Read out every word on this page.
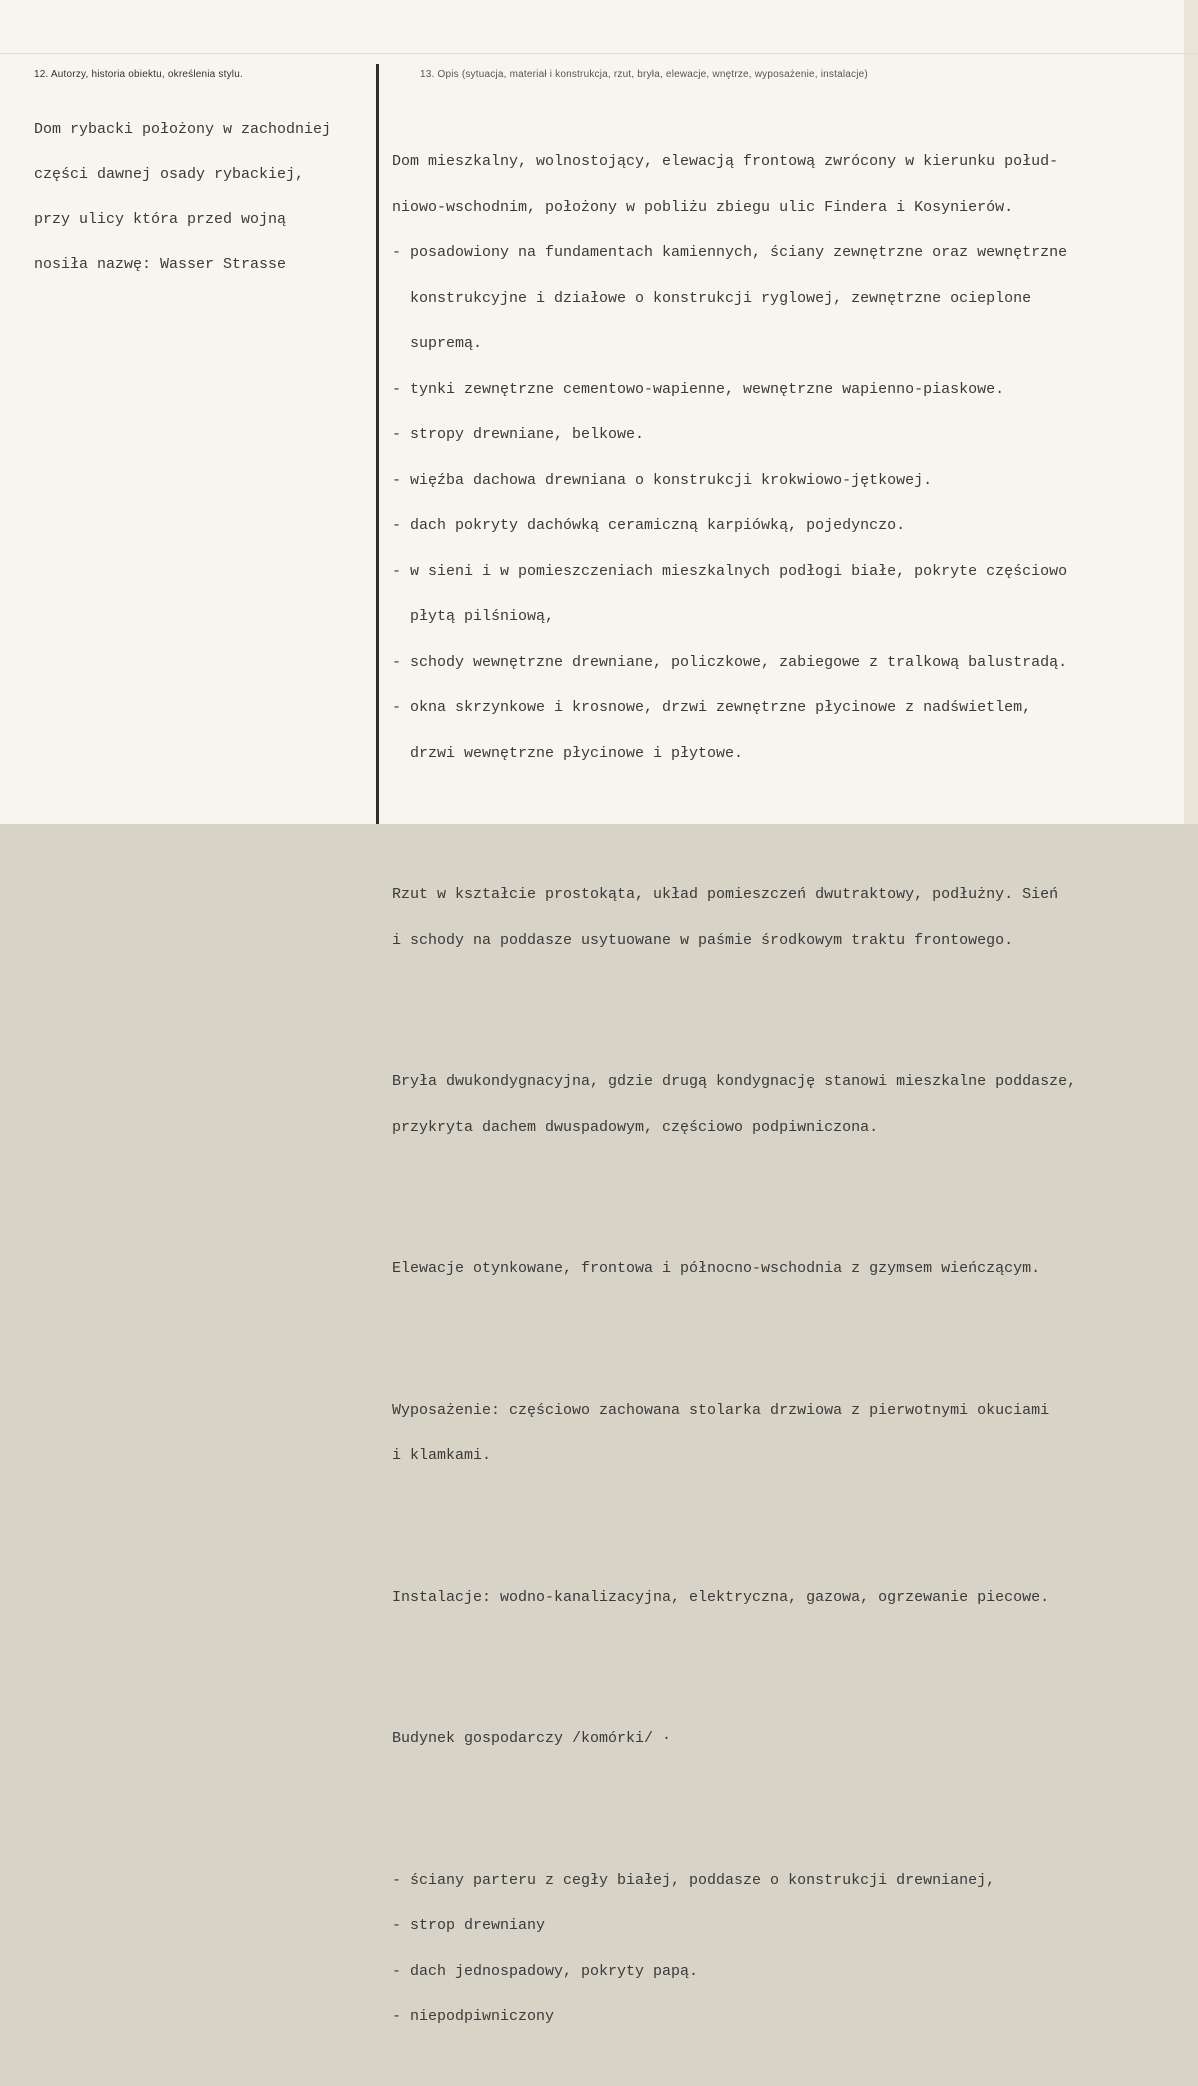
12. Autorzy, historia obiektu, określenia stylu.	13. Opis (sytuacja, materiał i konstrukcja, rzut, bryła, elewacje, wnętrze, wyposażenie, instalacje)

Dom rybacki położony w zachodniej

części dawnej osady rybackiej,

przy ulicy która przed wojną

nosiła nazwę: Wasser Strasse

Dom mieszkalny, wolnostojący, elewacją frontową zwrócony w kierunku połud-

niowo-wschodnim, położony w pobliżu zbiegu ulic Findera i Kosynierów.

- posadowiony na fundamentach kamiennych, ściany zewnętrzne oraz wewnętrzne

konstrukcyjne i działowe o konstrukcji ryglowej, zewnętrzne ocieplone

supremą.

- tynki zewnętrzne cementowo-wapienne, wewnętrzne wapienno-piaskowe.

- stropy drewniane, belkowe.

- więźba dachowa drewniana o konstrukcji krokwiowo-jętkowej.

- dach pokryty dachówką ceramiczną karpiówką, pojedynczo.

- w sieni i w pomieszczeniach mieszkalnych podłogi białe, pokryte częściowo

płytą pilśniową,

- schody wewnętrzne drewniane, policzkowe, zabiegowe z tralkową balustradą.

- okna skrzynkowe i krosnowe, drzwi zewnętrzne płycinowe z nadświetlem,

drzwi wewnętrzne płycinowe i płytowe.

Rzut w kształcie prostokąta, układ pomieszczeń dwutraktowy, podłużny. Sień

i schody na poddasze usytuowane w paśmie środkowym traktu frontowego.

Bryła dwukondygnacyjna, gdzie drugą kondygnację stanowi mieszkalne poddasze,

przykryta dachem dwuspadowym, częściowo podpiwniczona.

Elewacje otynkowane, frontowa i północno-wschodnia z gzymsem wieńczącym.

Wyposażenie: częściowo zachowana stolarka drzwiowa z pierwotnymi okuciami

i klamkami.

Instalacje: wodno-kanalizacyjna, elektryczna, gazowa, ogrzewanie piecowe.

Budynek gospodarczy /komórki/ ·

- ściany parteru z cegły białej, poddasze o konstrukcji drewnianej,

- strop drewniany

- dach jednospadowy, pokryty papą.

- niepodpiwniczony
